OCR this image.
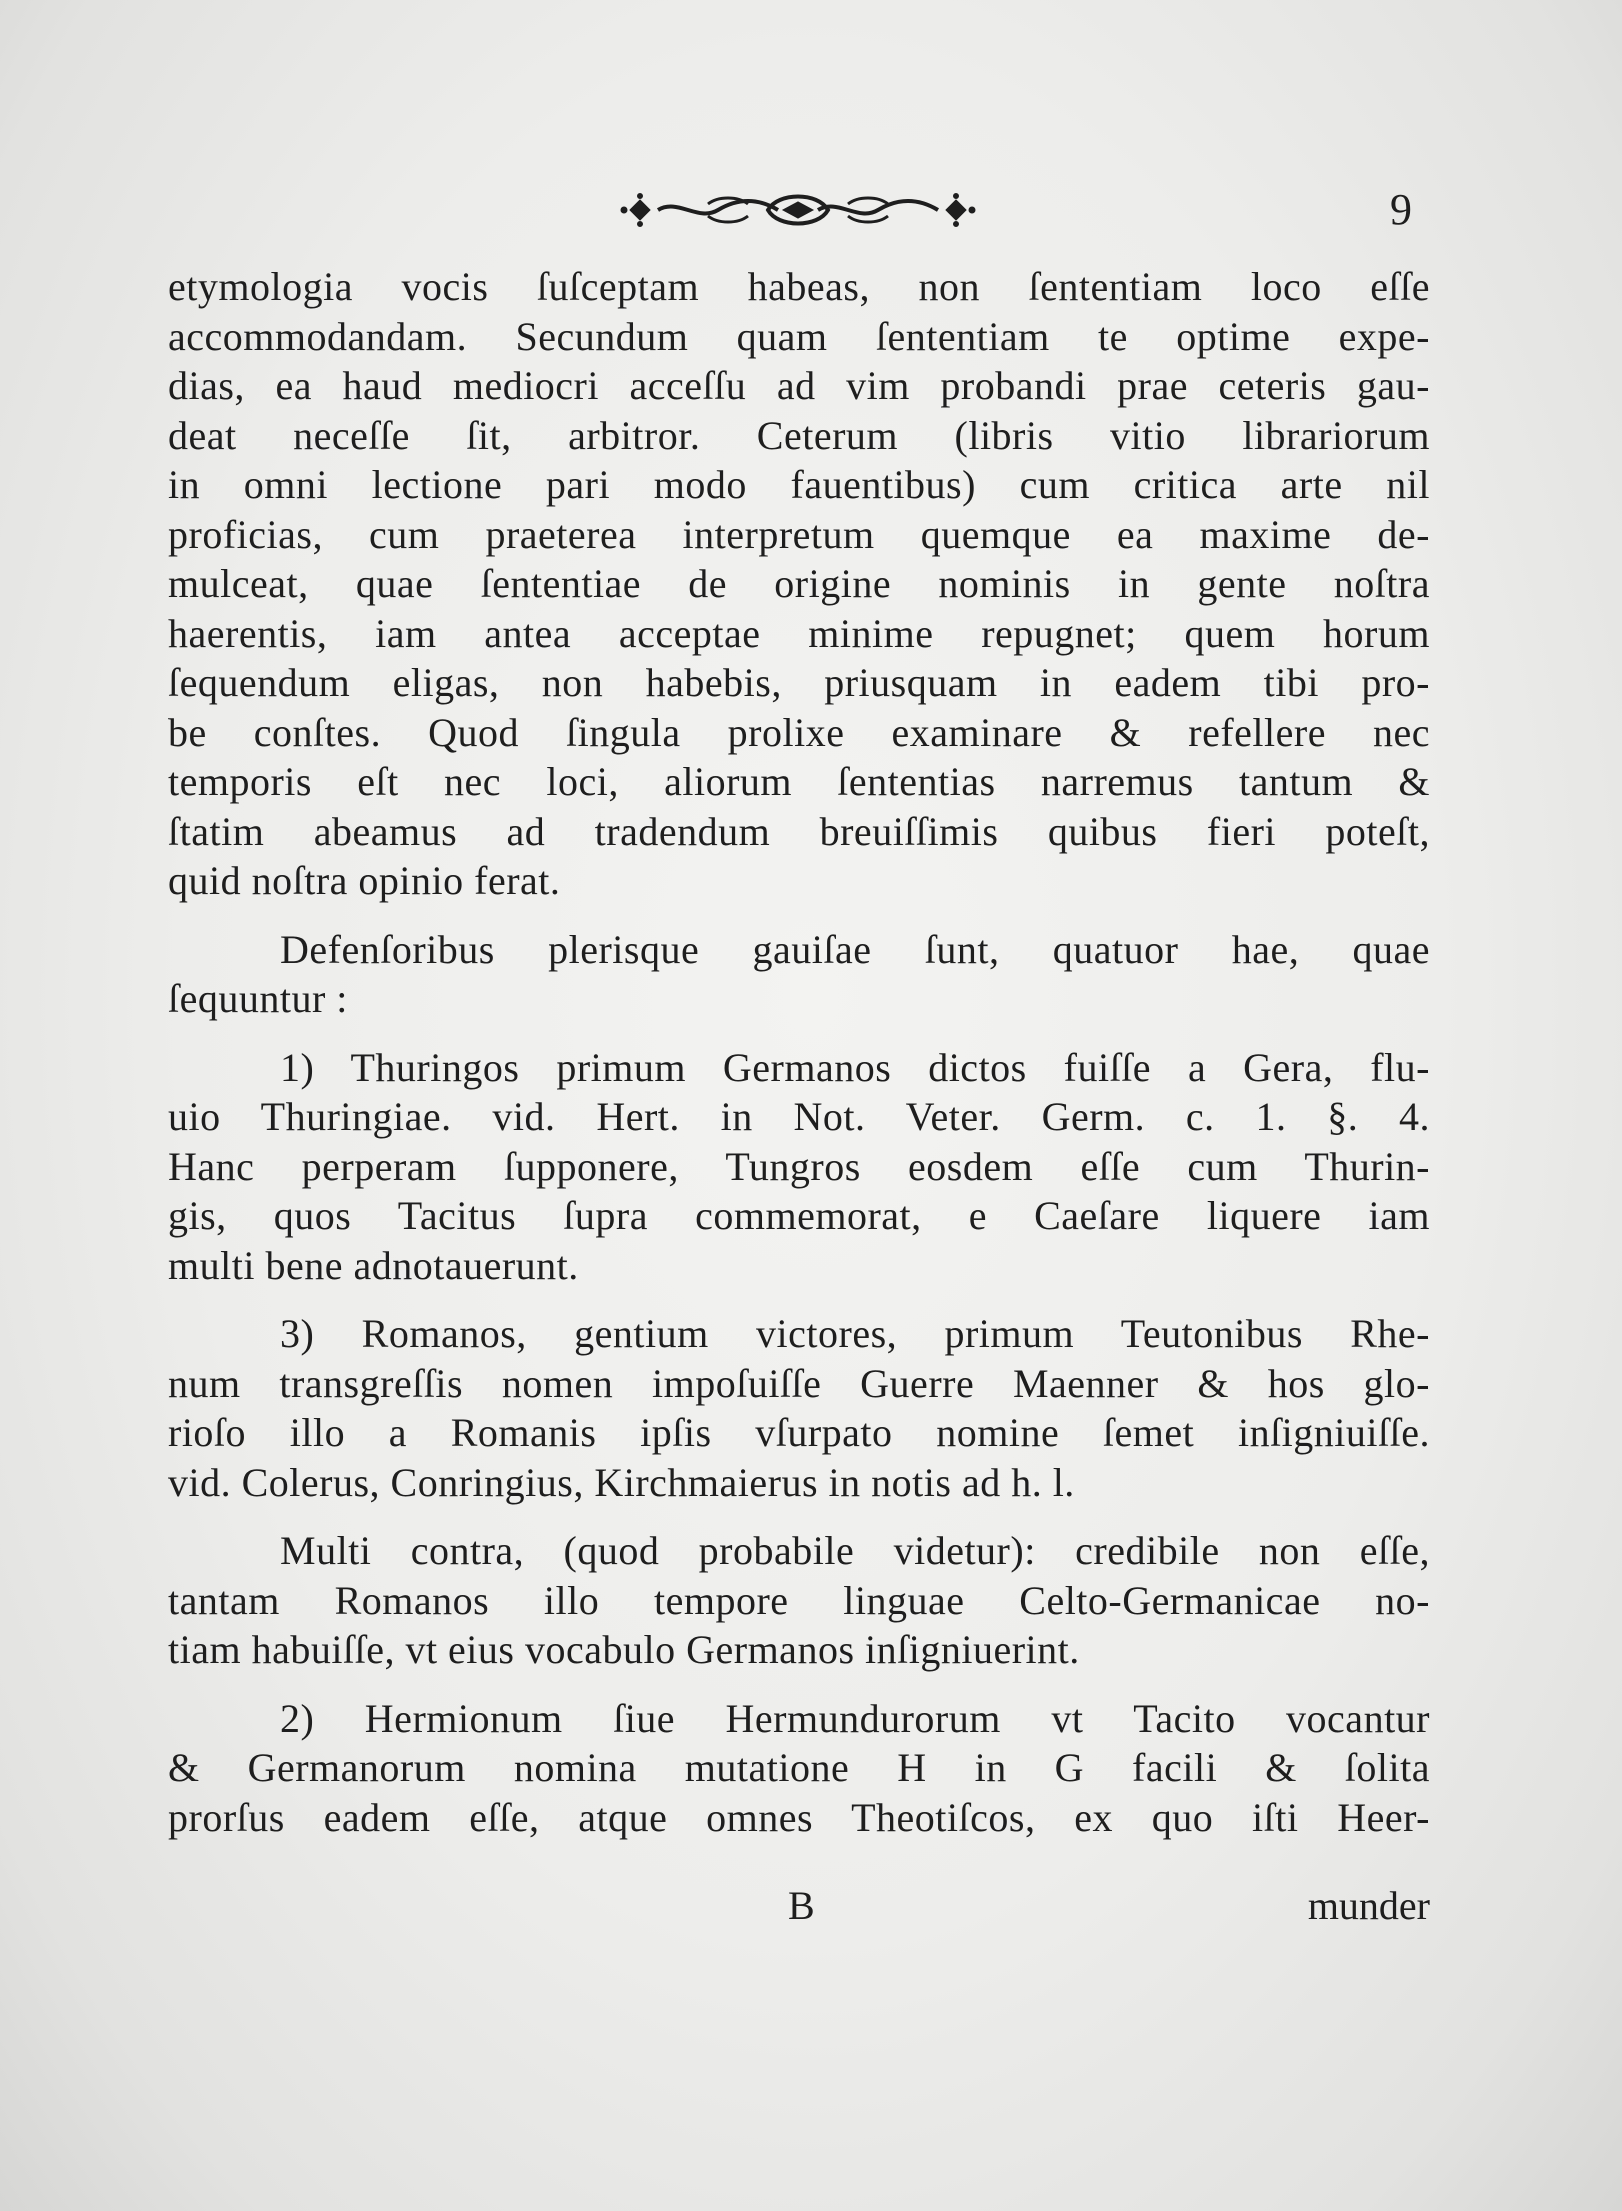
9
etymologia vocis ſuſceptam habeas, non ſententiam loco eſſe
accommodandam. Secundum quam ſententiam te optime expe-
dias, ea haud mediocri acceſſu ad vim probandi prae ceteris gau-
deat neceſſe ſit, arbitror. Ceterum (libris vitio librariorum
in omni lectione pari modo fauentibus) cum critica arte nil
proficias, cum praeterea interpretum quemque ea maxime de-
mulceat, quae ſententiae de origine nominis in gente noſtra
haerentis, iam antea acceptae minime repugnet; quem horum
ſequendum eligas, non habebis, priusquam in eadem tibi pro-
be conſtes. Quod ſingula prolixe examinare & refellere nec
temporis eſt nec loci, aliorum ſententias narremus tantum &
ſtatim abeamus ad tradendum breuiſſimis quibus fieri poteſt,
quid noſtra opinio ferat.
Defenſoribus plerisque gauiſae ſunt, quatuor hae, quae
ſequuntur :
1) Thuringos primum Germanos dictos fuiſſe a Gera, flu-
uio Thuringiae. vid. Hert. in Not. Veter. Germ. c. 1. §. 4.
Hanc perperam ſupponere, Tungros eosdem eſſe cum Thurin-
gis, quos Tacitus ſupra commemorat, e Caeſare liquere iam
multi bene adnotauerunt.
3) Romanos, gentium victores, primum Teutonibus Rhe-
num transgreſſis nomen impoſuiſſe Guerre Maenner & hos glo-
rioſo illo a Romanis ipſis vſurpato nomine ſemet inſigniuiſſe.
vid. Colerus, Conringius, Kirchmaierus in notis ad h. l.
Multi contra, (quod probabile videtur): credibile non eſſe,
tantam Romanos illo tempore linguae Celto-Germanicae no-
tiam habuiſſe, vt eius vocabulo Germanos inſigniuerint.
2) Hermionum ſiue Hermundurorum vt Tacito vocantur
& Germanorum nomina mutatione H in G facili & ſolita
prorſus eadem eſſe, atque omnes Theotiſcos, ex quo iſti Heer-
B	munder
